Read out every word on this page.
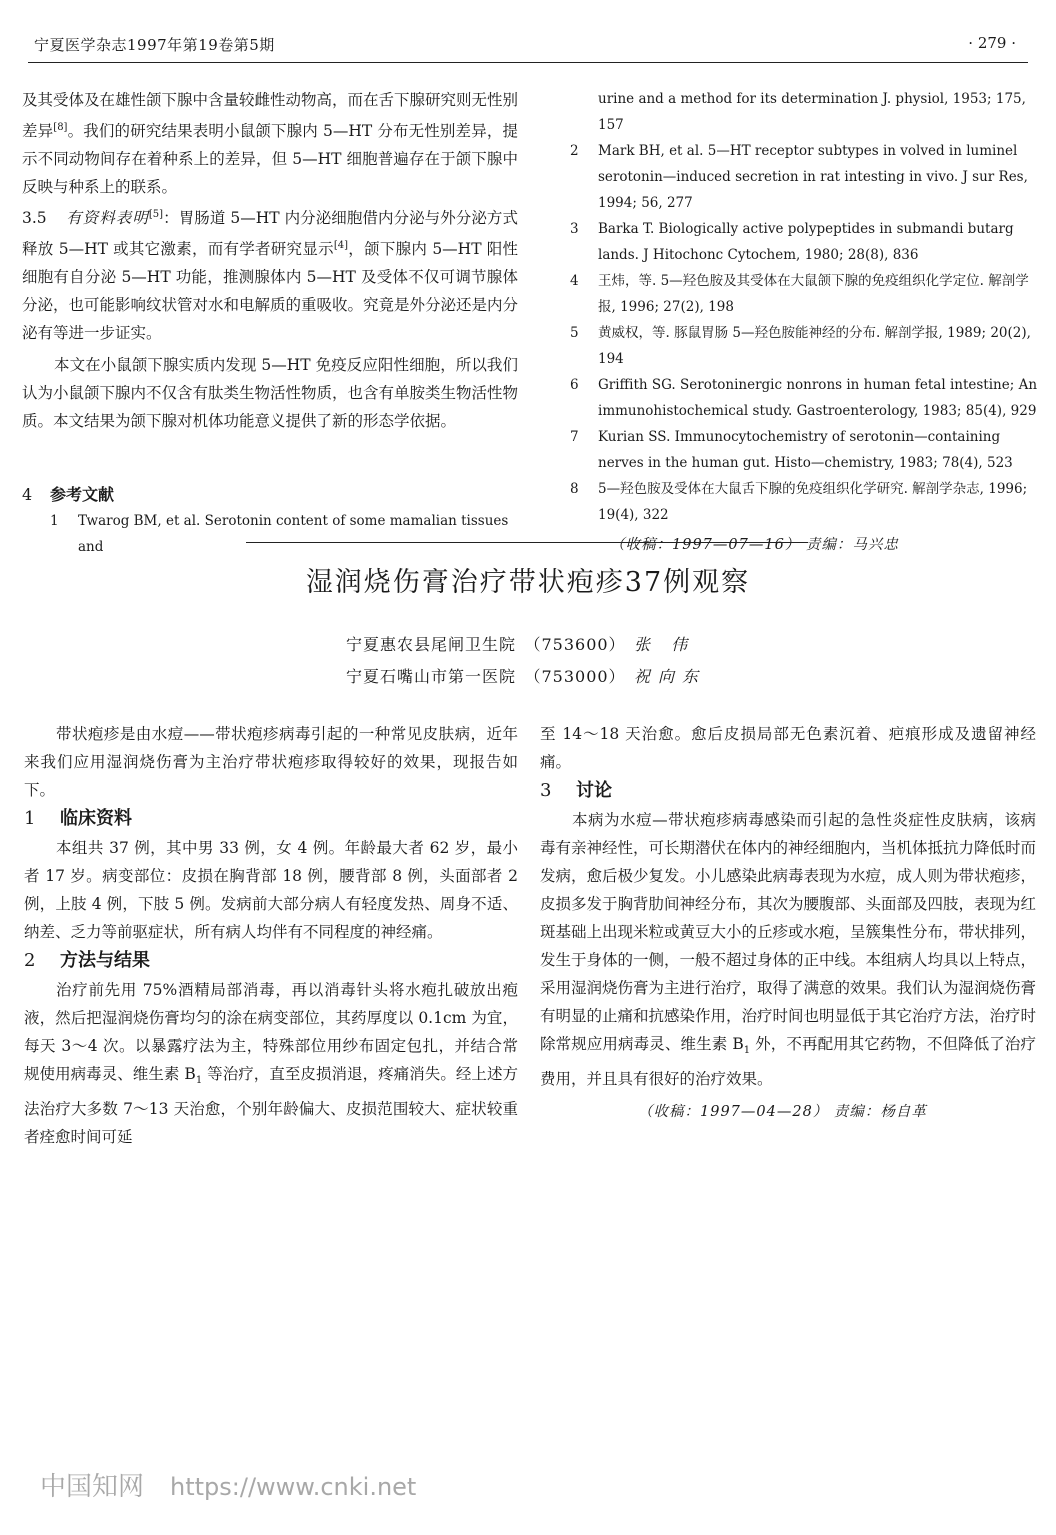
宁夏医学杂志1997年第19卷第5期	· 279 ·

及其受体及在雄性颌下腺中含量较雌性动物高，而在舌下腺研究则无性别差异[8]。我们的研究结果表明小鼠颌下腺内 5—HT 分布无性别差异，提示不同动物间存在着种系上的差异，但 5—HT 细胞普遍存在于颌下腺中反映与种系上的联系。

3.5 有资料表明[5]：胃肠道 5—HT 内分泌细胞借内分泌与外分泌方式释放 5—HT 或其它激素，而有学者研究显示[4]，颌下腺内 5—HT 阳性细胞有自分泌 5—HT 功能，推测腺体内 5—HT 及受体不仅可调节腺体分泌，也可能影响纹状管对水和电解质的重吸收。究竟是外分泌还是内分泌有等进一步证实。

本文在小鼠颌下腺实质内发现 5—HT 免疫反应阳性细胞，所以我们认为小鼠颌下腺内不仅含有肽类生物活性物质，也含有单胺类生物活性物质。本文结果为颌下腺对机体功能意义提供了新的形态学依据。

4 参考文献

1 Twarog BM, et al. Serotonin content of some mamalian tissues and

urine and a method for its determination J. physiol, 1953; 175, 157

2 Mark BH, et al. 5—HT receptor subtypes in volved in luminel serotonin—induced secretion in rat intesting in vivo. J sur Res, 1994; 56, 277

3 Barka T. Biologically active polypeptides in submandi butarg lands. J Hitochonc Cytochem, 1980; 28(8), 836

4 王炜，等. 5—羟色胺及其受体在大鼠颌下腺的免疫组织化学定位. 解剖学报, 1996; 27(2), 198

5 黄威权，等. 豚鼠胃肠 5—羟色胺能神经的分布. 解剖学报, 1989; 20(2), 194

6 Griffith SG. Serotoninergic nonrons in human fetal intestine; An immunohistochemical study. Gastroenterology, 1983; 85(4), 929

7 Kurian SS. Immunocytochemistry of serotonin—containing nerves in the human gut. Histo—chemistry, 1983; 78(4), 523

8 5—羟色胺及受体在大鼠舌下腺的免疫组织化学研究. 解剖学杂志, 1996; 19(4), 322

（收稿：1997—07—16） 责编：马兴忠
湿润烧伤膏治疗带状疱疹37例观察
宁夏惠农县尾闸卫生院 （753600） 张 伟
宁夏石嘴山市第一医院 （753000） 祝向东

带状疱疹是由水痘——带状疱疹病毒引起的一种常见皮肤病，近年来我们应用湿润烧伤膏为主治疗带状疱疹取得较好的效果，现报告如下。

1 临床资料

本组共 37 例，其中男 33 例，女 4 例。年龄最大者 62 岁，最小者 17 岁。病变部位：皮损在胸背部 18 例，腰背部 8 例，头面部者 2 例，上肢 4 例，下肢 5 例。发病前大部分病人有轻度发热、周身不适、纳差、乏力等前驱症状，所有病人均伴有不同程度的神经痛。

2 方法与结果

治疗前先用 75%酒精局部消毒，再以消毒针头将水疱扎破放出疱液，然后把湿润烧伤膏均匀的涂在病变部位，其药厚度以 0.1cm 为宜，每天 3～4 次。以暴露疗法为主，特殊部位用纱布固定包扎，并结合常规使用病毒灵、维生素 $B_1$ 等治疗，直至皮损消退，疼痛消失。经上述方法治疗大多数 7～13 天治愈，个别年龄偏大、皮损范围较大、症状较重者痊愈时间可延

至 14～18 天治愈。愈后皮损局部无色素沉着、疤痕形成及遗留神经痛。

3 讨论

本病为水痘—带状疱疹病毒感染而引起的急性炎症性皮肤病，该病毒有亲神经性，可长期潜伏在体内的神经细胞内，当机体抵抗力降低时而发病，愈后极少复发。小儿感染此病毒表现为水痘，成人则为带状疱疹，皮损多发于胸背肋间神经分布，其次为腰腹部、头面部及四肢，表现为红斑基础上出现米粒或黄豆大小的丘疹或水疱，呈簇集性分布，带状排列，发生于身体的一侧，一般不超过身体的正中线。本组病人均具以上特点，采用湿润烧伤膏为主进行治疗，取得了满意的效果。我们认为湿润烧伤膏有明显的止痛和抗感染作用，治疗时间也明显低于其它治疗方法，治疗时除常规应用病毒灵、维生素 $B_1$ 外，不再配用其它药物，不但降低了治疗费用，并且具有很好的治疗效果。

（收稿：1997—04—28） 责编：杨自革
中国知网 https://www.cnki.net
